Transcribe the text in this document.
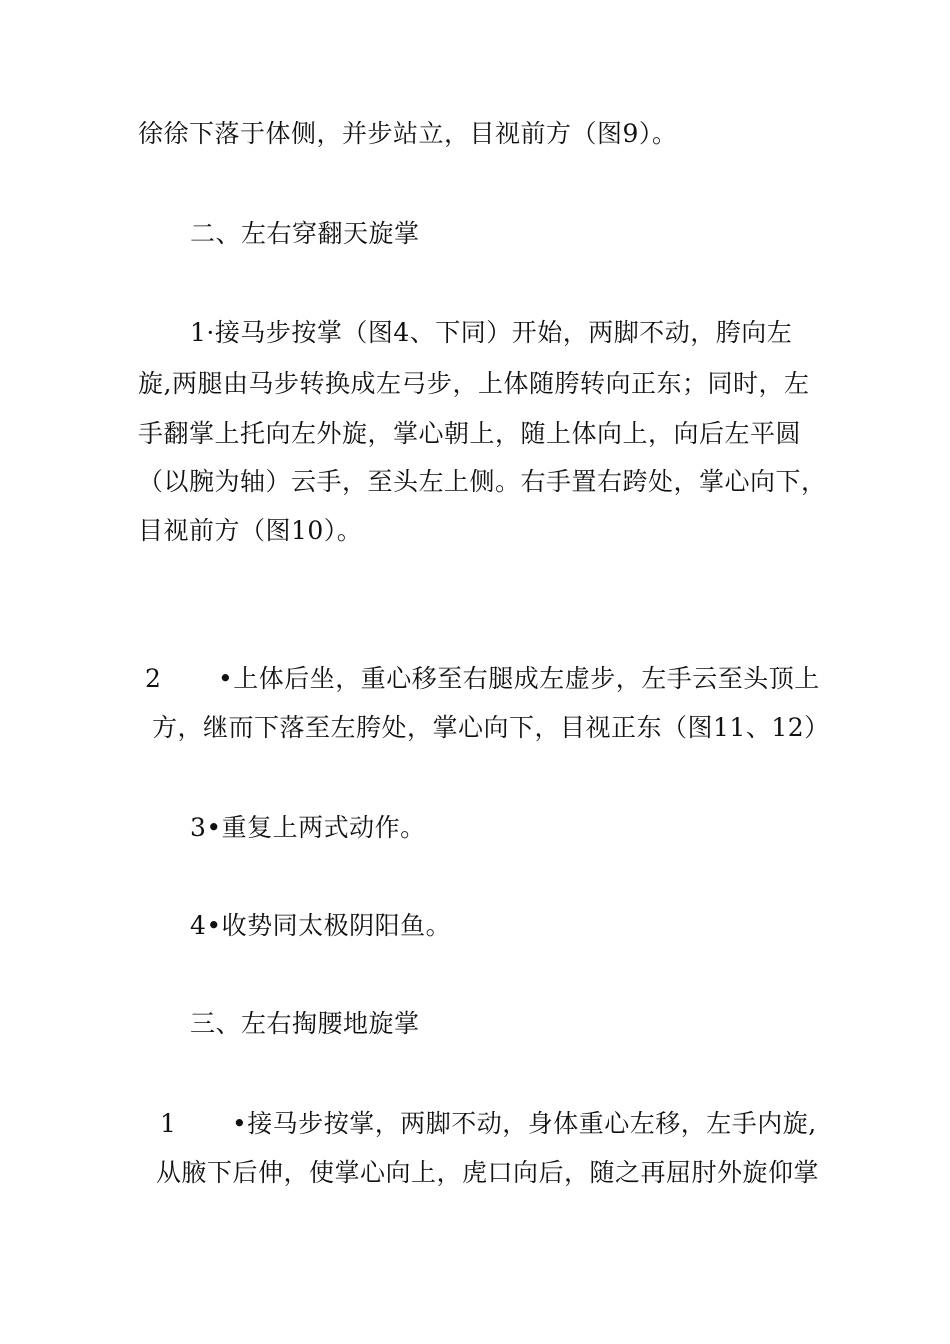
徐徐下落于体侧，并步站立，目视前方（图9）。
二、左右穿翻天旋掌
1·接马步按掌（图4、下同）开始，两脚不动，胯向左
旋,两腿由马步转换成左弓步，上体随胯转向正东；同时，左
手翻掌上托向左外旋，掌心朝上，随上体向上，向后左平圆
（以腕为轴）云手，至头左上侧。右手置右跨处，掌心向下，
目视前方（图10）。
2 •上体后坐，重心移至右腿成左虚步，左手云至头顶上
方，继而下落至左胯处，掌心向下，目视正东（图11、12）
3•重复上两式动作。
4•收势同太极阴阳鱼。
三、左右掏腰地旋掌
1 •接马步按掌，两脚不动，身体重心左移，左手内旋,
从腋下后伸，使掌心向上，虎口向后，随之再屈肘外旋仰掌
